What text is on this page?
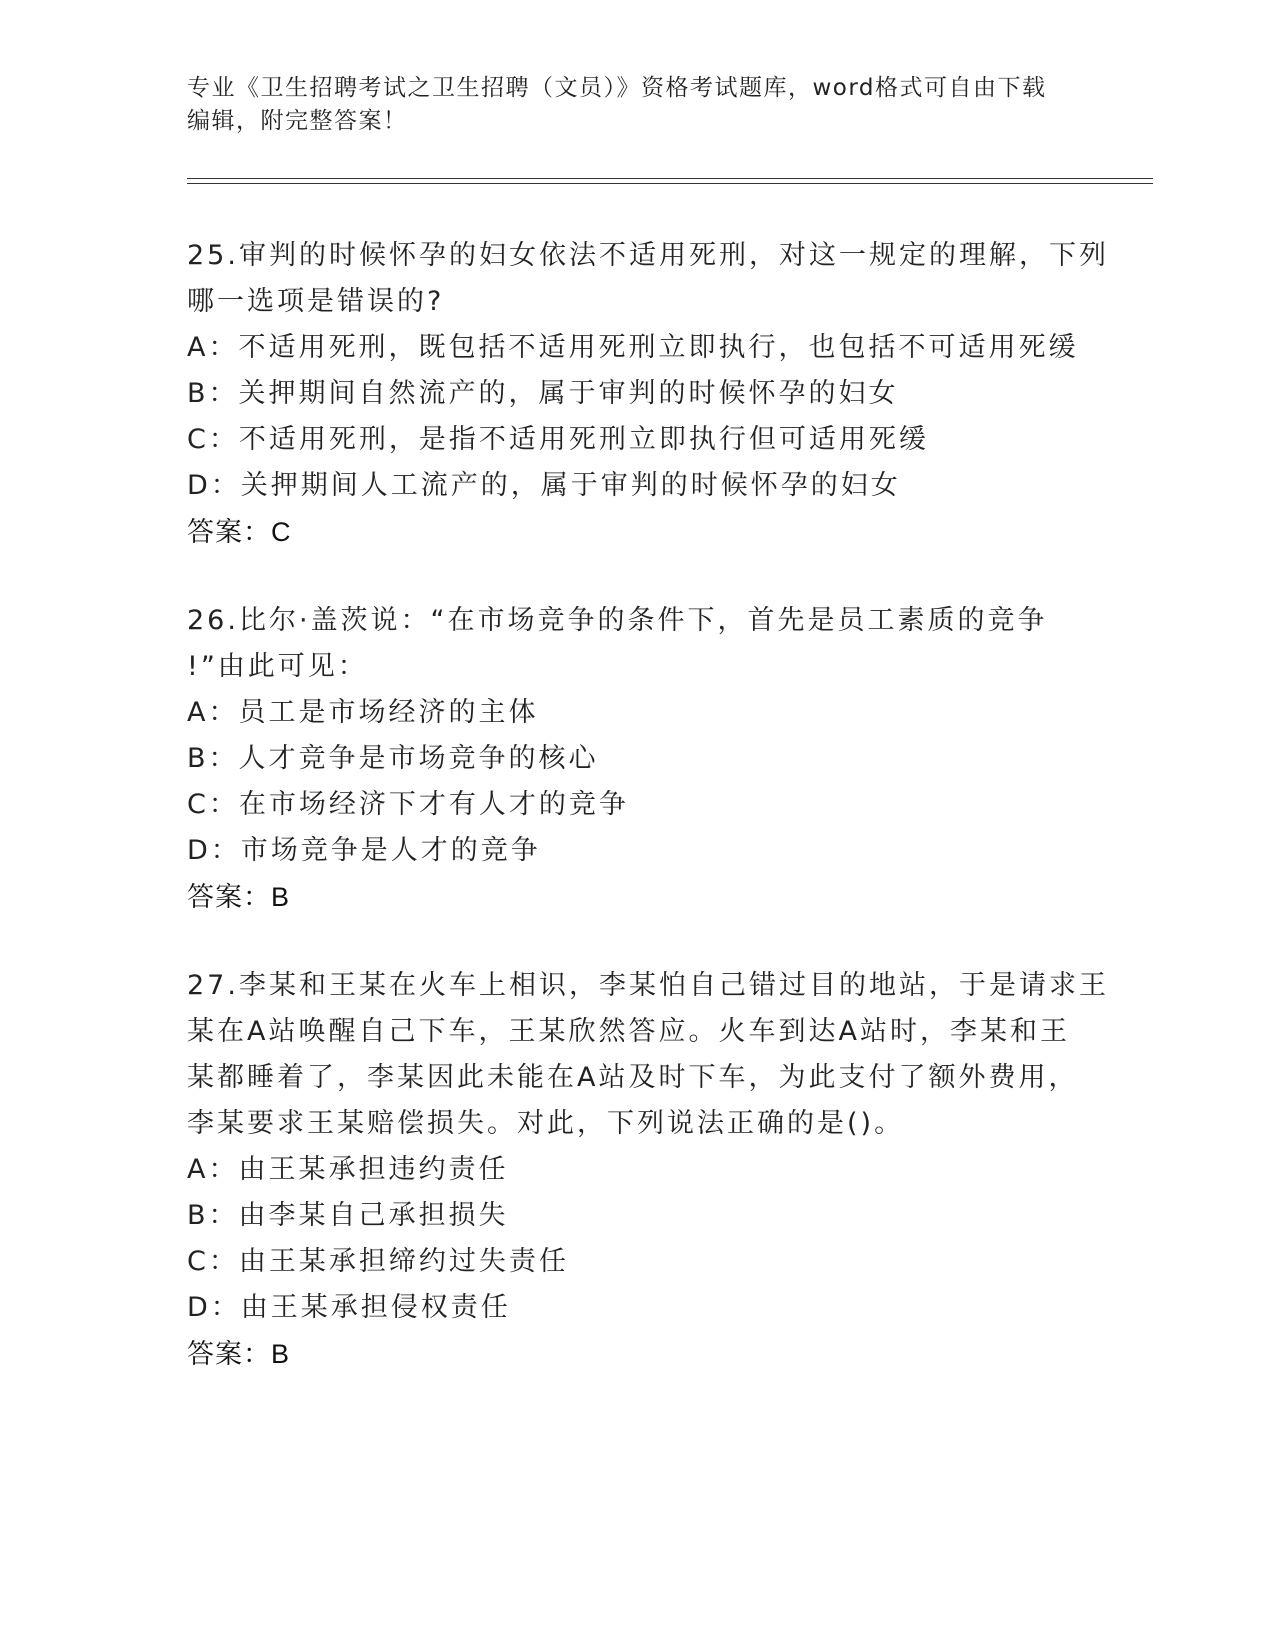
专业《卫生招聘考试之卫生招聘（文员）》资格考试题库，word格式可自由下载
编辑，附完整答案！
25.审判的时候怀孕的妇女依法不适用死刑，对这一规定的理解，下列
哪一选项是错误的?
A：不适用死刑，既包括不适用死刑立即执行，也包括不可适用死缓
B：关押期间自然流产的，属于审判的时候怀孕的妇女
C：不适用死刑，是指不适用死刑立即执行但可适用死缓
D：关押期间人工流产的，属于审判的时候怀孕的妇女
答案：C
26.比尔·盖茨说：“在市场竞争的条件下，首先是员工素质的竞争
!”由此可见：
A：员工是市场经济的主体
B：人才竞争是市场竞争的核心
C：在市场经济下才有人才的竞争
D：市场竞争是人才的竞争
答案：B
27.李某和王某在火车上相识，李某怕自己错过目的地站，于是请求王
某在A站唤醒自己下车，王某欣然答应。火车到达A站时，李某和王
某都睡着了，李某因此未能在A站及时下车，为此支付了额外费用，
李某要求王某赔偿损失。对此，下列说法正确的是()。
A：由王某承担违约责任
B：由李某自己承担损失
C：由王某承担缔约过失责任
D：由王某承担侵权责任
答案：B
